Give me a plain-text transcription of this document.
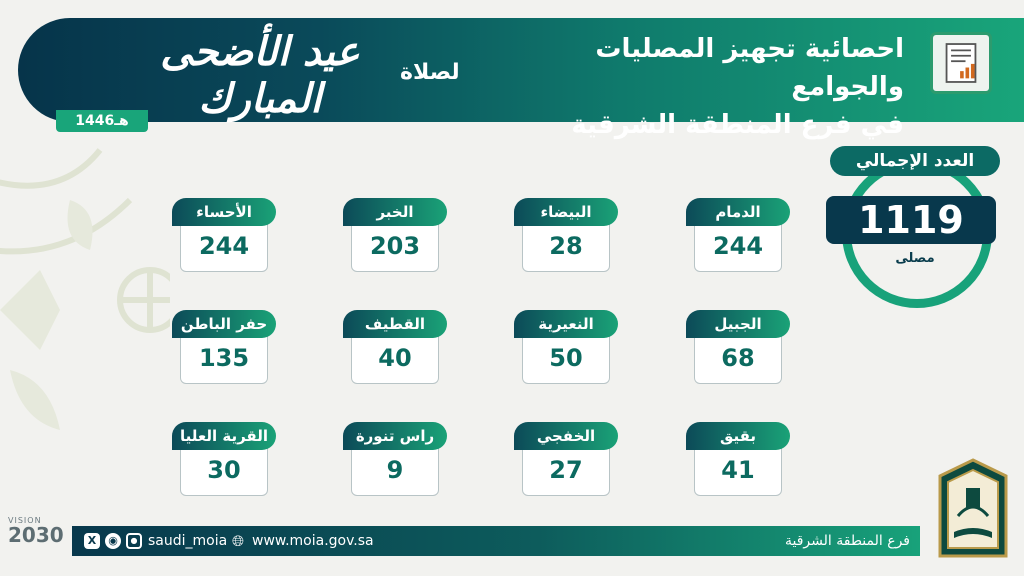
احصائية تجهيز المصليات والجوامع
في فرع المنطقة الشرقية
لصلاة
عيد الأضحى المبارك
1446هـ
العدد الإجمالي
1119
مصلى
الدمام
244
البيضاء
28
الخبر
203
الأحساء
244
الجبيل
68
النعيرية
50
القطيف
40
حفر الباطن
135
بقيق
41
الخفجي
27
راس تنورة
9
القرية العليا
30
VISION
2030	X	◉	● saudi_moia 🌐︎ www.moia.gov.sa	فرع المنطقة الشرقية
